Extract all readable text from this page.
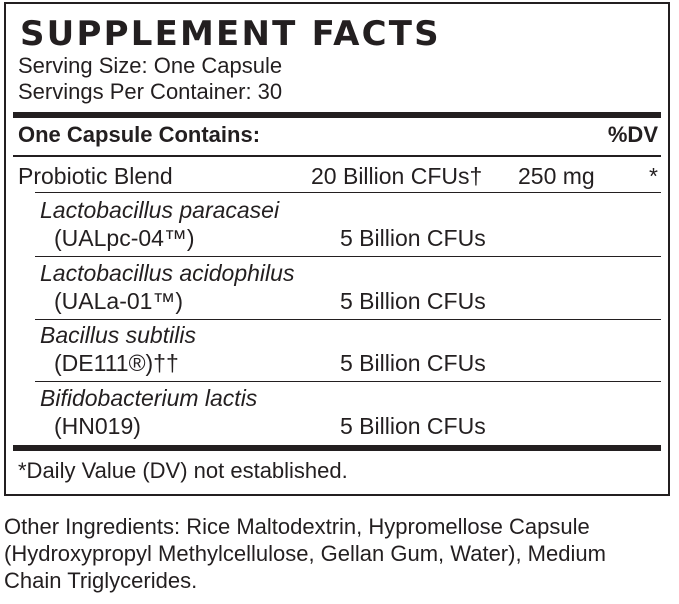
SUPPLEMENT FACTS
Serving Size: One Capsule
Servings Per Container: 30
One Capsule Contains:	%DV
Probiotic Blend	20 Billion CFUs† 250 mg *
Lactobacillus paracasei
(UALpc-04™)	5 Billion CFUs
Lactobacillus acidophilus
(UALa-01™)	5 Billion CFUs
Bacillus subtilis
(DE111®)††	5 Billion CFUs
Bifidobacterium lactis
(HN019)	5 Billion CFUs
*Daily Value (DV) not established.
Other Ingredients: Rice Maltodextrin, Hypromellose Capsule
(Hydroxypropyl Methylcellulose, Gellan Gum, Water), Medium
Chain Triglycerides.
